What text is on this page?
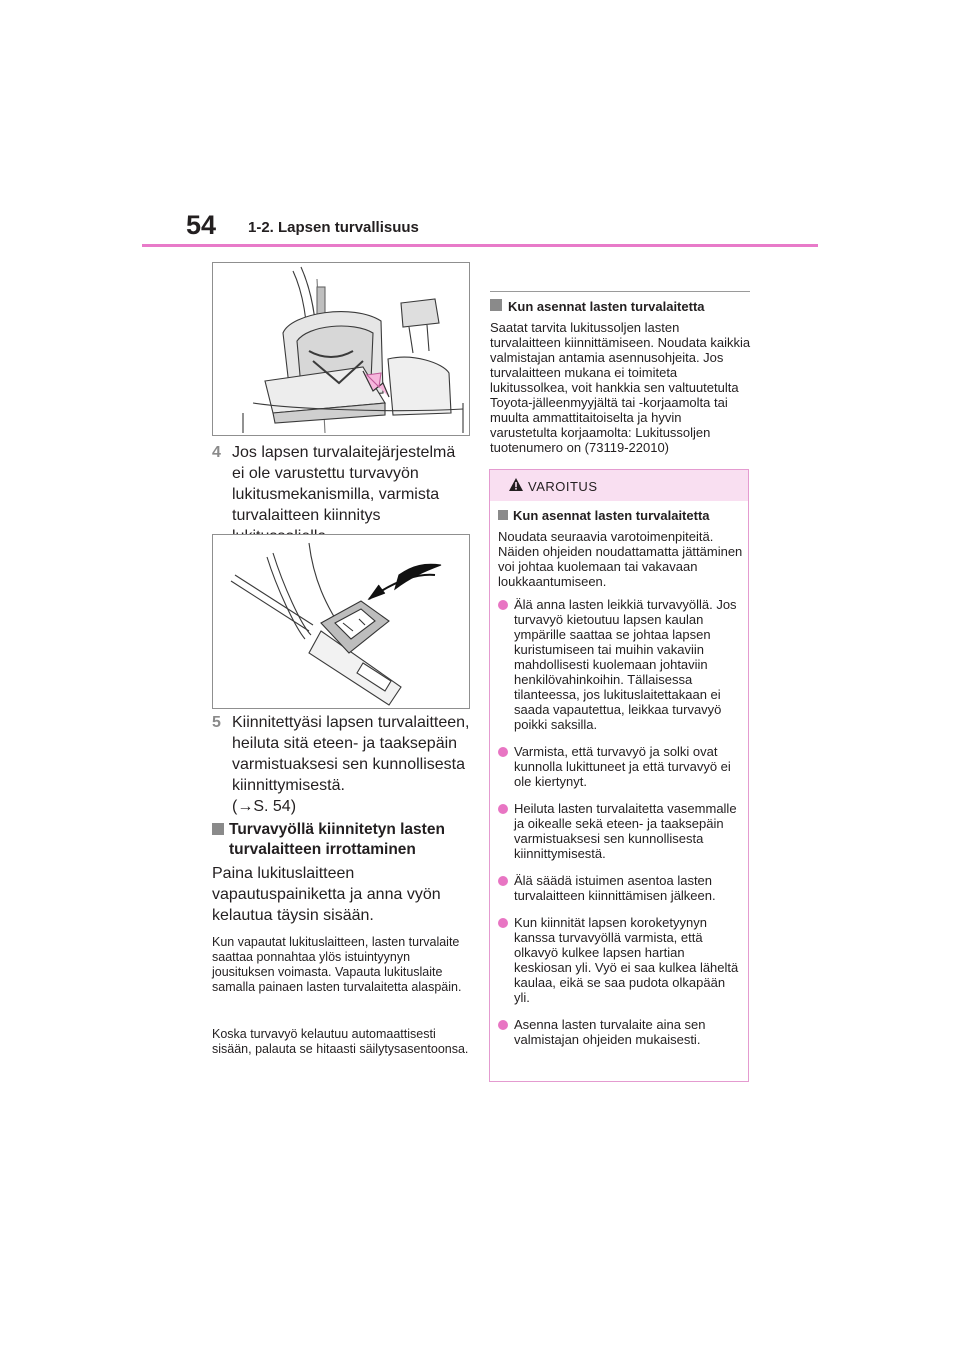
54 1-2. Lapsen turvallisuus
4 Jos lapsen turvalaitejärjestelmä ei ole varustettu turvavyön lukitusmekanismilla, varmista turvalaitteen kiinnitys
5 Kiinnitettyäsi lapsen turvalaitteen, heiluta sitä eteen- ja taaksepäin varmistuaksesi sen kunnollisesta kiinnittymisestä.
(→S. 54)
Turvavyöllä kiinnitetyn lasten turvalaitteen irrottaminen
Paina lukituslaitteen vapautuspainiketta ja anna vyön kelautua täysin sisään.
Kun vapautat lukituslaitteen, lasten turvalaite saattaa ponnahtaa ylös istuintyynyn jousituksen voimasta. Vapauta lukituslaite samalla painaen lasten turvalaitetta alaspäin.
Koska turvavyö kelautuu automaattisesti sisään, palauta se hitaasti säilytysasentoonsa.
Kun asennat lasten turvalaitetta
Saatat tarvita lukitussoljen lasten turvalaitteen kiinnittämiseen. Noudata kaikkia valmistajan antamia asennusohjeita. Jos turvalaitteen mukana ei toimiteta lukitussolkea, voit hankkia sen valtuutetulta Toyota-jälleenmyyjältä tai -korjaamolta tai muulta ammattitaitoiselta ja hyvin varustetulta korjaamolta: Lukitussoljen tuotenumero on (73119-22010)
VAROITUS
Kun asennat lasten turvalaitetta
Noudata seuraavia varotoimenpiteitä. Näiden ohjeiden noudattamatta jättäminen voi johtaa kuolemaan tai vakavaan loukkaantumiseen.
Älä anna lasten leikkiä turvavyöllä. Jos turvavyö kietoutuu lapsen kaulan ympärille saattaa se johtaa lapsen kuristumiseen tai muihin vakaviin mahdollisesti kuolemaan johtaviin henkilövahinkoihin. Tällaisessa tilanteessa, jos lukituslaitettakaan ei saada vapautettua, leikkaa turvavyö poikki saksilla.
Varmista, että turvavyö ja solki ovat kunnolla lukittuneet ja että turvavyö ei ole kiertynyt.
Heiluta lasten turvalaitetta vasemmalle ja oikealle sekä eteen- ja taaksepäin varmistuaksesi sen kunnollisesta kiinnittymisestä.
Älä säädä istuimen asentoa lasten turvalaitteen kiinnittämisen jälkeen.
Kun kiinnität lapsen koroketyynyn kanssa turvavyöllä varmista, että olkavyö kulkee lapsen hartian keskiosan yli. Vyö ei saa kulkea läheltä kaulaa, eikä se saa pudota olkapään yli.
Asenna lasten turvalaite aina sen valmistajan ohjeiden mukaisesti.
